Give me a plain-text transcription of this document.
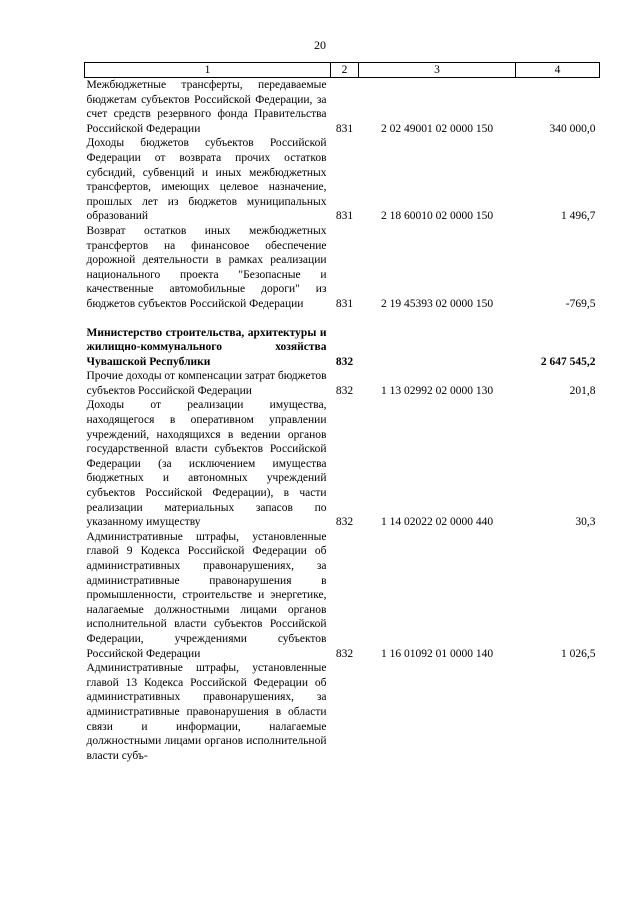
20
1	2	3	4
Межбюджетные трансферты, передаваемые бюджетам субъектов Российской Федерации, за счет средств резервного фонда Правительства Российской Федерации	831	2 02 49001 02 0000 150	340 000,0
Доходы бюджетов субъектов Российской Федерации от возврата прочих остатков субсидий, субвенций и иных межбюджетных трансфертов, имеющих целевое назначение, прошлых лет из бюджетов муниципальных образований	831	2 18 60010 02 0000 150	1 496,7
Возврат остатков иных межбюджетных трансфертов на финансовое обеспечение дорожной деятельности в рамках реализации национального проекта "Безопасные и качественные автомобильные дороги" из бюджетов субъектов Российской Федерации	831	2 19 45393 02 0000 150	-769,5
Министерство строительства, архитектуры и жилищно-коммунального хозяйства Чувашской Республики	832		2 647 545,2
Прочие доходы от компенсации затрат бюджетов субъектов Российской Федерации	832	1 13 02992 02 0000 130	201,8
Доходы от реализации имущества, находящегося в оперативном управлении учреждений, находящихся в ведении органов государственной власти субъектов Российской Федерации (за исключением имущества бюджетных и автономных учреждений субъектов Российской Федерации), в части реализации материальных запасов по указанному имуществу	832	1 14 02022 02 0000 440	30,3
Административные штрафы, установленные главой 9 Кодекса Российской Федерации об административных правонарушениях, за административные правонарушения в промышленности, строительстве и энергетике, налагаемые должностными лицами органов исполнительной власти субъектов Российской Федерации, учреждениями субъектов Российской Федерации	832	1 16 01092 01 0000 140	1 026,5
Административные штрафы, установленные главой 13 Кодекса Российской Федерации об административных правонарушениях, за административные правонарушения в области связи и информации, налагаемые должностными лицами органов исполнительной власти субъ-			
